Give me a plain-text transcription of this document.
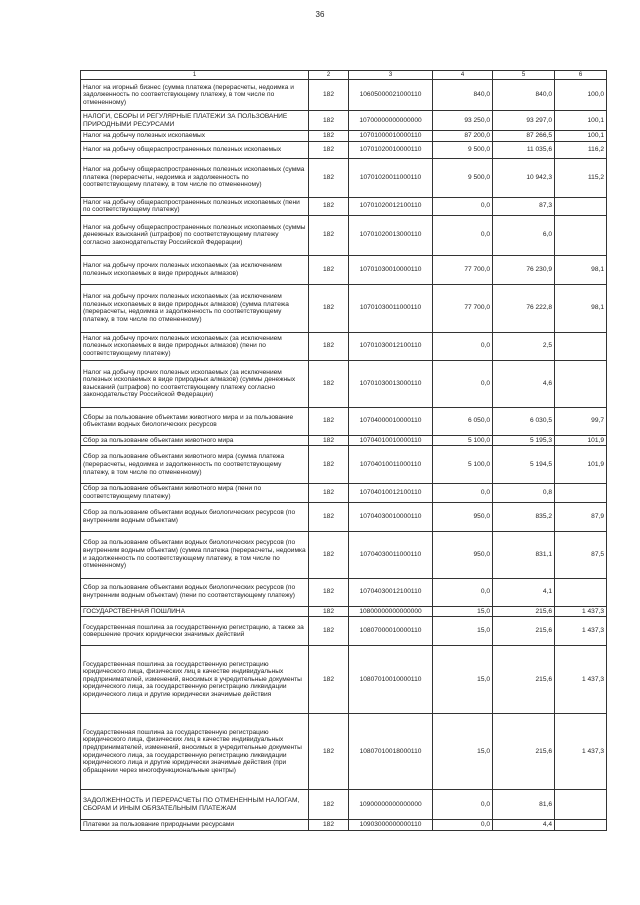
36
1	2	3	4	5	6
Налог на игорный бизнес (сумма платежа (перерасчеты, недоимка и задолженность по соответствующему платежу, в том числе по отмененному)	182	10605000021000110	840,0	840,0	100,0
НАЛОГИ, СБОРЫ И РЕГУЛЯРНЫЕ ПЛАТЕЖИ ЗА ПОЛЬЗОВАНИЕ ПРИРОДНЫМИ РЕСУРСАМИ	182	10700000000000000	93 250,0	93 297,0	100,1
Налог на добычу полезных ископаемых	182	10701000010000110	87 200,0	87 266,5	100,1
Налог на добычу общераспространенных полезных ископаемых	182	10701020010000110	9 500,0	11 035,6	116,2
Налог на добычу общераспространенных полезных ископаемых (сумма платежа (перерасчеты, недоимка и задолженность по соответствующему платежу, в том числе по отмененному)	182	10701020011000110	9 500,0	10 942,3	115,2
Налог на добычу общераспространенных полезных ископаемых (пени по соответствующему платежу)	182	10701020012100110	0,0	87,3	
Налог на добычу общераспространенных полезных ископаемых (суммы денежных взысканий (штрафов) по соответствующему платежу согласно законодательству Российской Федерации)	182	10701020013000110	0,0	6,0	
Налог на добычу прочих полезных ископаемых (за исключением полезных ископаемых в виде природных алмазов)	182	10701030010000110	77 700,0	76 230,9	98,1
Налог на добычу прочих полезных ископаемых (за исключением полезных ископаемых в виде природных алмазов) (сумма платежа (перерасчеты, недоимка и задолженность по соответствующему платежу, в том числе по отмененному)	182	10701030011000110	77 700,0	76 222,8	98,1
Налог на добычу прочих полезных ископаемых (за исключением полезных ископаемых в виде природных алмазов) (пени по соответствующему платежу)	182	10701030012100110	0,0	2,5	
Налог на добычу прочих полезных ископаемых (за исключением полезных ископаемых в виде природных алмазов) (суммы денежных взысканий (штрафов) по соответствующему платежу согласно законодательству Российской Федерации)	182	10701030013000110	0,0	4,6	
Сборы за пользование объектами животного мира и за пользование объектами водных биологических ресурсов	182	10704000010000110	6 050,0	6 030,5	99,7
Сбор за пользование объектами животного мира	182	10704010010000110	5 100,0	5 195,3	101,9
Сбор за пользование объектами животного мира (сумма платежа (перерасчеты, недоимка и задолженность по соответствующему платежу, в том числе по отмененному)	182	10704010011000110	5 100,0	5 194,5	101,9
Сбор за пользование объектами животного мира (пени по соответствующему платежу)	182	10704010012100110	0,0	0,8	
Сбор за пользование объектами водных биологических ресурсов (по внутренним водным объектам)	182	10704030010000110	950,0	835,2	87,9
Сбор за пользование объектами водных биологических ресурсов (по внутренним водным объектам) (сумма платежа (перерасчеты, недоимка и задолженность по соответствующему платежу, в том числе по отмененному)	182	10704030011000110	950,0	831,1	87,5
Сбор за пользование объектами водных биологических ресурсов (по внутренним водным объектам) (пени по соответствующему платежу)	182	10704030012100110	0,0	4,1	
ГОСУДАРСТВЕННАЯ ПОШЛИНА	182	10800000000000000	15,0	215,6	1 437,3
Государственная пошлина за государственную регистрацию, а также за совершение прочих юридически значимых действий	182	10807000010000110	15,0	215,6	1 437,3
Государственная пошлина за государственную регистрацию юридического лица, физических лиц в качестве индивидуальных предпринимателей, изменений, вносимых в учредительные документы юридического лица, за государственную регистрацию ликвидации юридического лица и другие юридически значимые действия	182	10807010010000110	15,0	215,6	1 437,3
Государственная пошлина за государственную регистрацию юридического лица, физических лиц в качестве индивидуальных предпринимателей, изменений, вносимых в учредительные документы юридического лица, за государственную регистрацию ликвидации юридического лица и другие юридически значимые действия (при обращении через многофункциональные центры)	182	10807010018000110	15,0	215,6	1 437,3
ЗАДОЛЖЕННОСТЬ И ПЕРЕРАСЧЕТЫ ПО ОТМЕНЕННЫМ НАЛОГАМ, СБОРАМ И ИНЫМ ОБЯЗАТЕЛЬНЫМ ПЛАТЕЖАМ	182	10900000000000000	0,0	81,6	
Платежи за пользование природными ресурсами	182	10903000000000110	0,0	4,4	
